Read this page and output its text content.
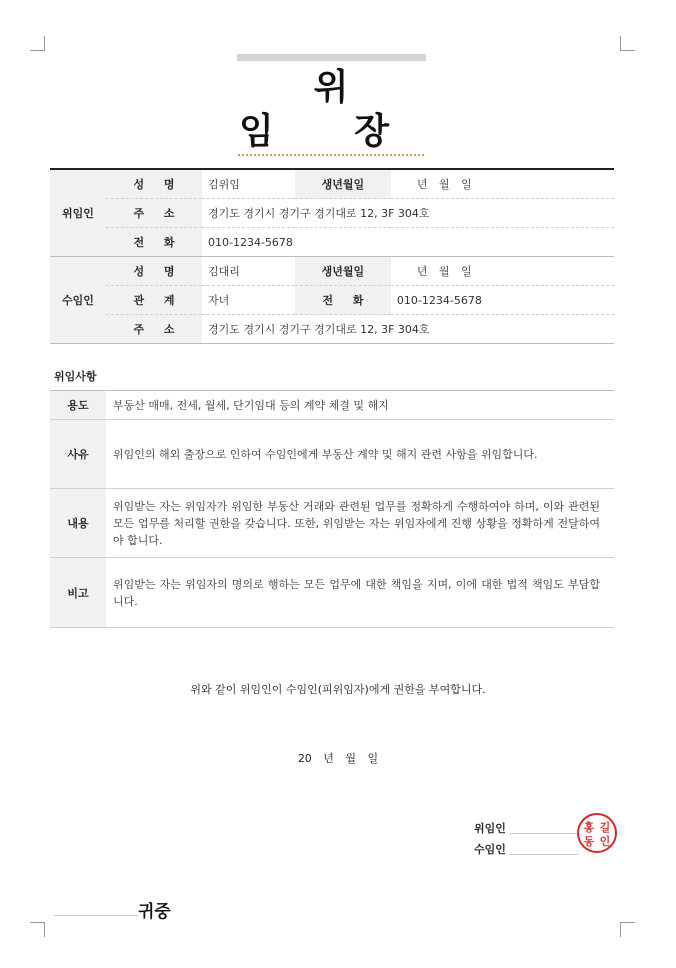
위 임 장
위임인	성 명	김위임	생년월일	년 월 일
	주 소	경기도 경기시 경기구 경기대로 12, 3F 304호		
	전 화	010-1234-5678		
수임인	성 명	김대리	생년월일	년 월 일
	관 계	자녀	전 화	010-1234-5678
	주 소	경기도 경기시 경기구 경기대로 12, 3F 304호		
위임사항
용도	부동산 매매, 전세, 월세, 단기임대 등의 계약 체결 및 해지
사유	위임인의 해외 출장으로 인하여 수임인에게 부동산 계약 및 해지 관련 사항을 위임합니다.
내용	위임받는 자는 위임자가 위임한 부동산 거래와 관련된 업무를 정확하게 수행하여야 하며, 이와 관련된 모든 업무를 처리할 권한을 갖습니다. 또한, 위임받는 자는 위임자에게 진행 상황을 정확하게 전달하여야 합니다.
비고	위임받는 자는 위임자의 명의로 행하는 모든 업무에 대한 책임을 지며, 이에 대한 법적 책임도 부담합니다.
위와 같이 위임인이 수임인(피위임자)에게 권한을 부여합니다.
20 년 월 일
위임인
수임인
홍 길
동 인
귀중
